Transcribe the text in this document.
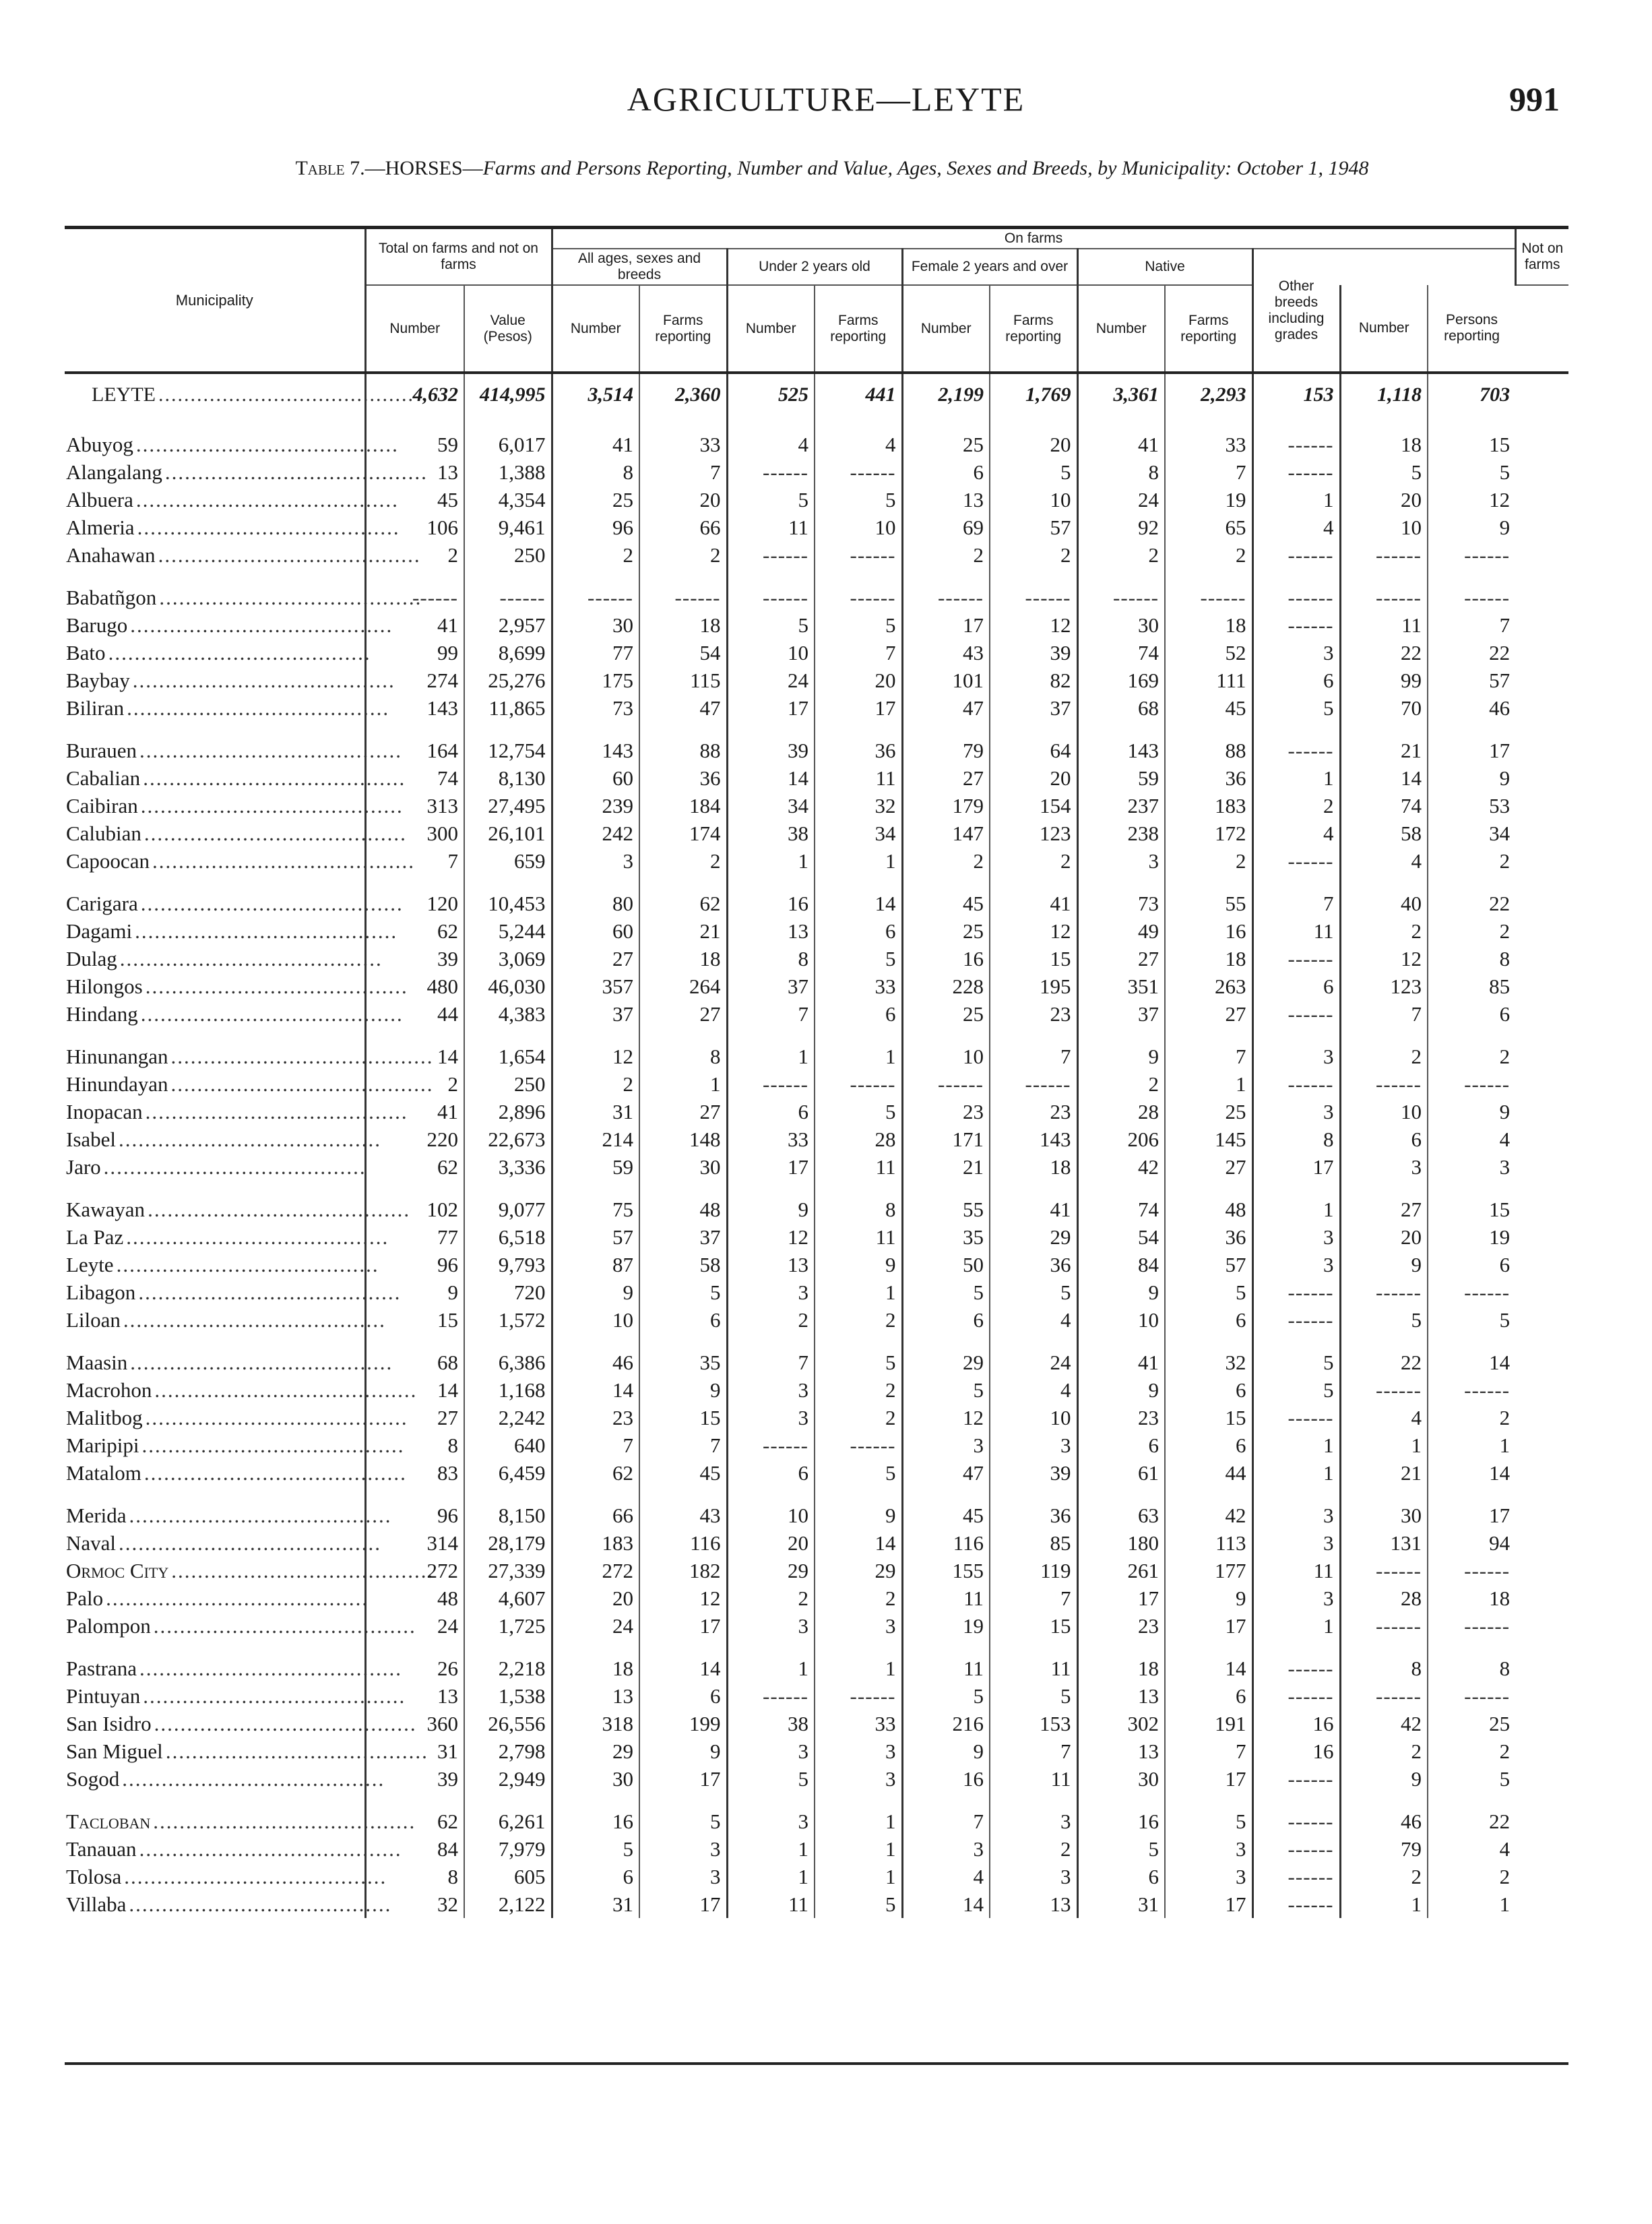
AGRICULTURE—LEYTE	991
Table 7.—HORSES—Farms and Persons Reporting, Number and Value, Ages, Sexes and Breeds, by Municipality: October 1, 1948
Municipality	Total on farms and not on farms		On farms											Not on farms
			All ages, sexes and breeds		Under 2 years old		Female 2 years and over		Native		Other breeds including grades			
	Number	Value (Pesos)	Number	Farms reporting	Number	Farms reporting	Number	Farms reporting	Number	Farms reporting		Number	Persons reporting	
LEYTE ........................................	4,632	414,995	3,514	2,360	525	441	2,199	1,769	3,361	2,293	153	1,118	703	
Abuyog ........................................	59	6,017	41	33	4	4	25	20	41	33	------	18	15	
Alangalang ........................................	13	1,388	8	7	------	------	6	5	8	7	------	5	5	
Albuera ........................................	45	4,354	25	20	5	5	13	10	24	19	1	20	12	
Almeria ........................................	106	9,461	96	66	11	10	69	57	92	65	4	10	9	
Anahawan ........................................	2	250	2	2	------	------	2	2	2	2	------	------	------	
Babatñgon ........................................	------	------	------	------	------	------	------	------	------	------	------	------	------	
Barugo ........................................	41	2,957	30	18	5	5	17	12	30	18	------	11	7	
Bato ........................................	99	8,699	77	54	10	7	43	39	74	52	3	22	22	
Baybay ........................................	274	25,276	175	115	24	20	101	82	169	111	6	99	57	
Biliran ........................................	143	11,865	73	47	17	17	47	37	68	45	5	70	46	
Burauen ........................................	164	12,754	143	88	39	36	79	64	143	88	------	21	17	
Cabalian ........................................	74	8,130	60	36	14	11	27	20	59	36	1	14	9	
Caibiran ........................................	313	27,495	239	184	34	32	179	154	237	183	2	74	53	
Calubian ........................................	300	26,101	242	174	38	34	147	123	238	172	4	58	34	
Capoocan ........................................	7	659	3	2	1	1	2	2	3	2	------	4	2	
Carigara ........................................	120	10,453	80	62	16	14	45	41	73	55	7	40	22	
Dagami ........................................	62	5,244	60	21	13	6	25	12	49	16	11	2	2	
Dulag ........................................	39	3,069	27	18	8	5	16	15	27	18	------	12	8	
Hilongos ........................................	480	46,030	357	264	37	33	228	195	351	263	6	123	85	
Hindang ........................................	44	4,383	37	27	7	6	25	23	37	27	------	7	6	
Hinunangan ........................................	14	1,654	12	8	1	1	10	7	9	7	3	2	2	
Hinundayan ........................................	2	250	2	1	------	------	------	------	2	1	------	------	------	
Inopacan ........................................	41	2,896	31	27	6	5	23	23	28	25	3	10	9	
Isabel ........................................	220	22,673	214	148	33	28	171	143	206	145	8	6	4	
Jaro ........................................	62	3,336	59	30	17	11	21	18	42	27	17	3	3	
Kawayan ........................................	102	9,077	75	48	9	8	55	41	74	48	1	27	15	
La Paz ........................................	77	6,518	57	37	12	11	35	29	54	36	3	20	19	
Leyte ........................................	96	9,793	87	58	13	9	50	36	84	57	3	9	6	
Libagon ........................................	9	720	9	5	3	1	5	5	9	5	------	------	------	
Liloan ........................................	15	1,572	10	6	2	2	6	4	10	6	------	5	5	
Maasin ........................................	68	6,386	46	35	7	5	29	24	41	32	5	22	14	
Macrohon ........................................	14	1,168	14	9	3	2	5	4	9	6	5	------	------	
Malitbog ........................................	27	2,242	23	15	3	2	12	10	23	15	------	4	2	
Maripipi ........................................	8	640	7	7	------	------	3	3	6	6	1	1	1	
Matalom ........................................	83	6,459	62	45	6	5	47	39	61	44	1	21	14	
Merida ........................................	96	8,150	66	43	10	9	45	36	63	42	3	30	17	
Naval ........................................	314	28,179	183	116	20	14	116	85	180	113	3	131	94	
Ormoc City ........................................	272	27,339	272	182	29	29	155	119	261	177	11	------	------	
Palo ........................................	48	4,607	20	12	2	2	11	7	17	9	3	28	18	
Palompon ........................................	24	1,725	24	17	3	3	19	15	23	17	1	------	------	
Pastrana ........................................	26	2,218	18	14	1	1	11	11	18	14	------	8	8	
Pintuyan ........................................	13	1,538	13	6	------	------	5	5	13	6	------	------	------	
San Isidro ........................................	360	26,556	318	199	38	33	216	153	302	191	16	42	25	
San Miguel ........................................	31	2,798	29	9	3	3	9	7	13	7	16	2	2	
Sogod ........................................	39	2,949	30	17	5	3	16	11	30	17	------	9	5	
Tacloban ........................................	62	6,261	16	5	3	1	7	3	16	5	------	46	22	
Tanauan ........................................	84	7,979	5	3	1	1	3	2	5	3	------	79	4	
Tolosa ........................................	8	605	6	3	1	1	4	3	6	3	------	2	2	
Villaba ........................................	32	2,122	31	17	11	5	14	13	31	17	------	1	1	
